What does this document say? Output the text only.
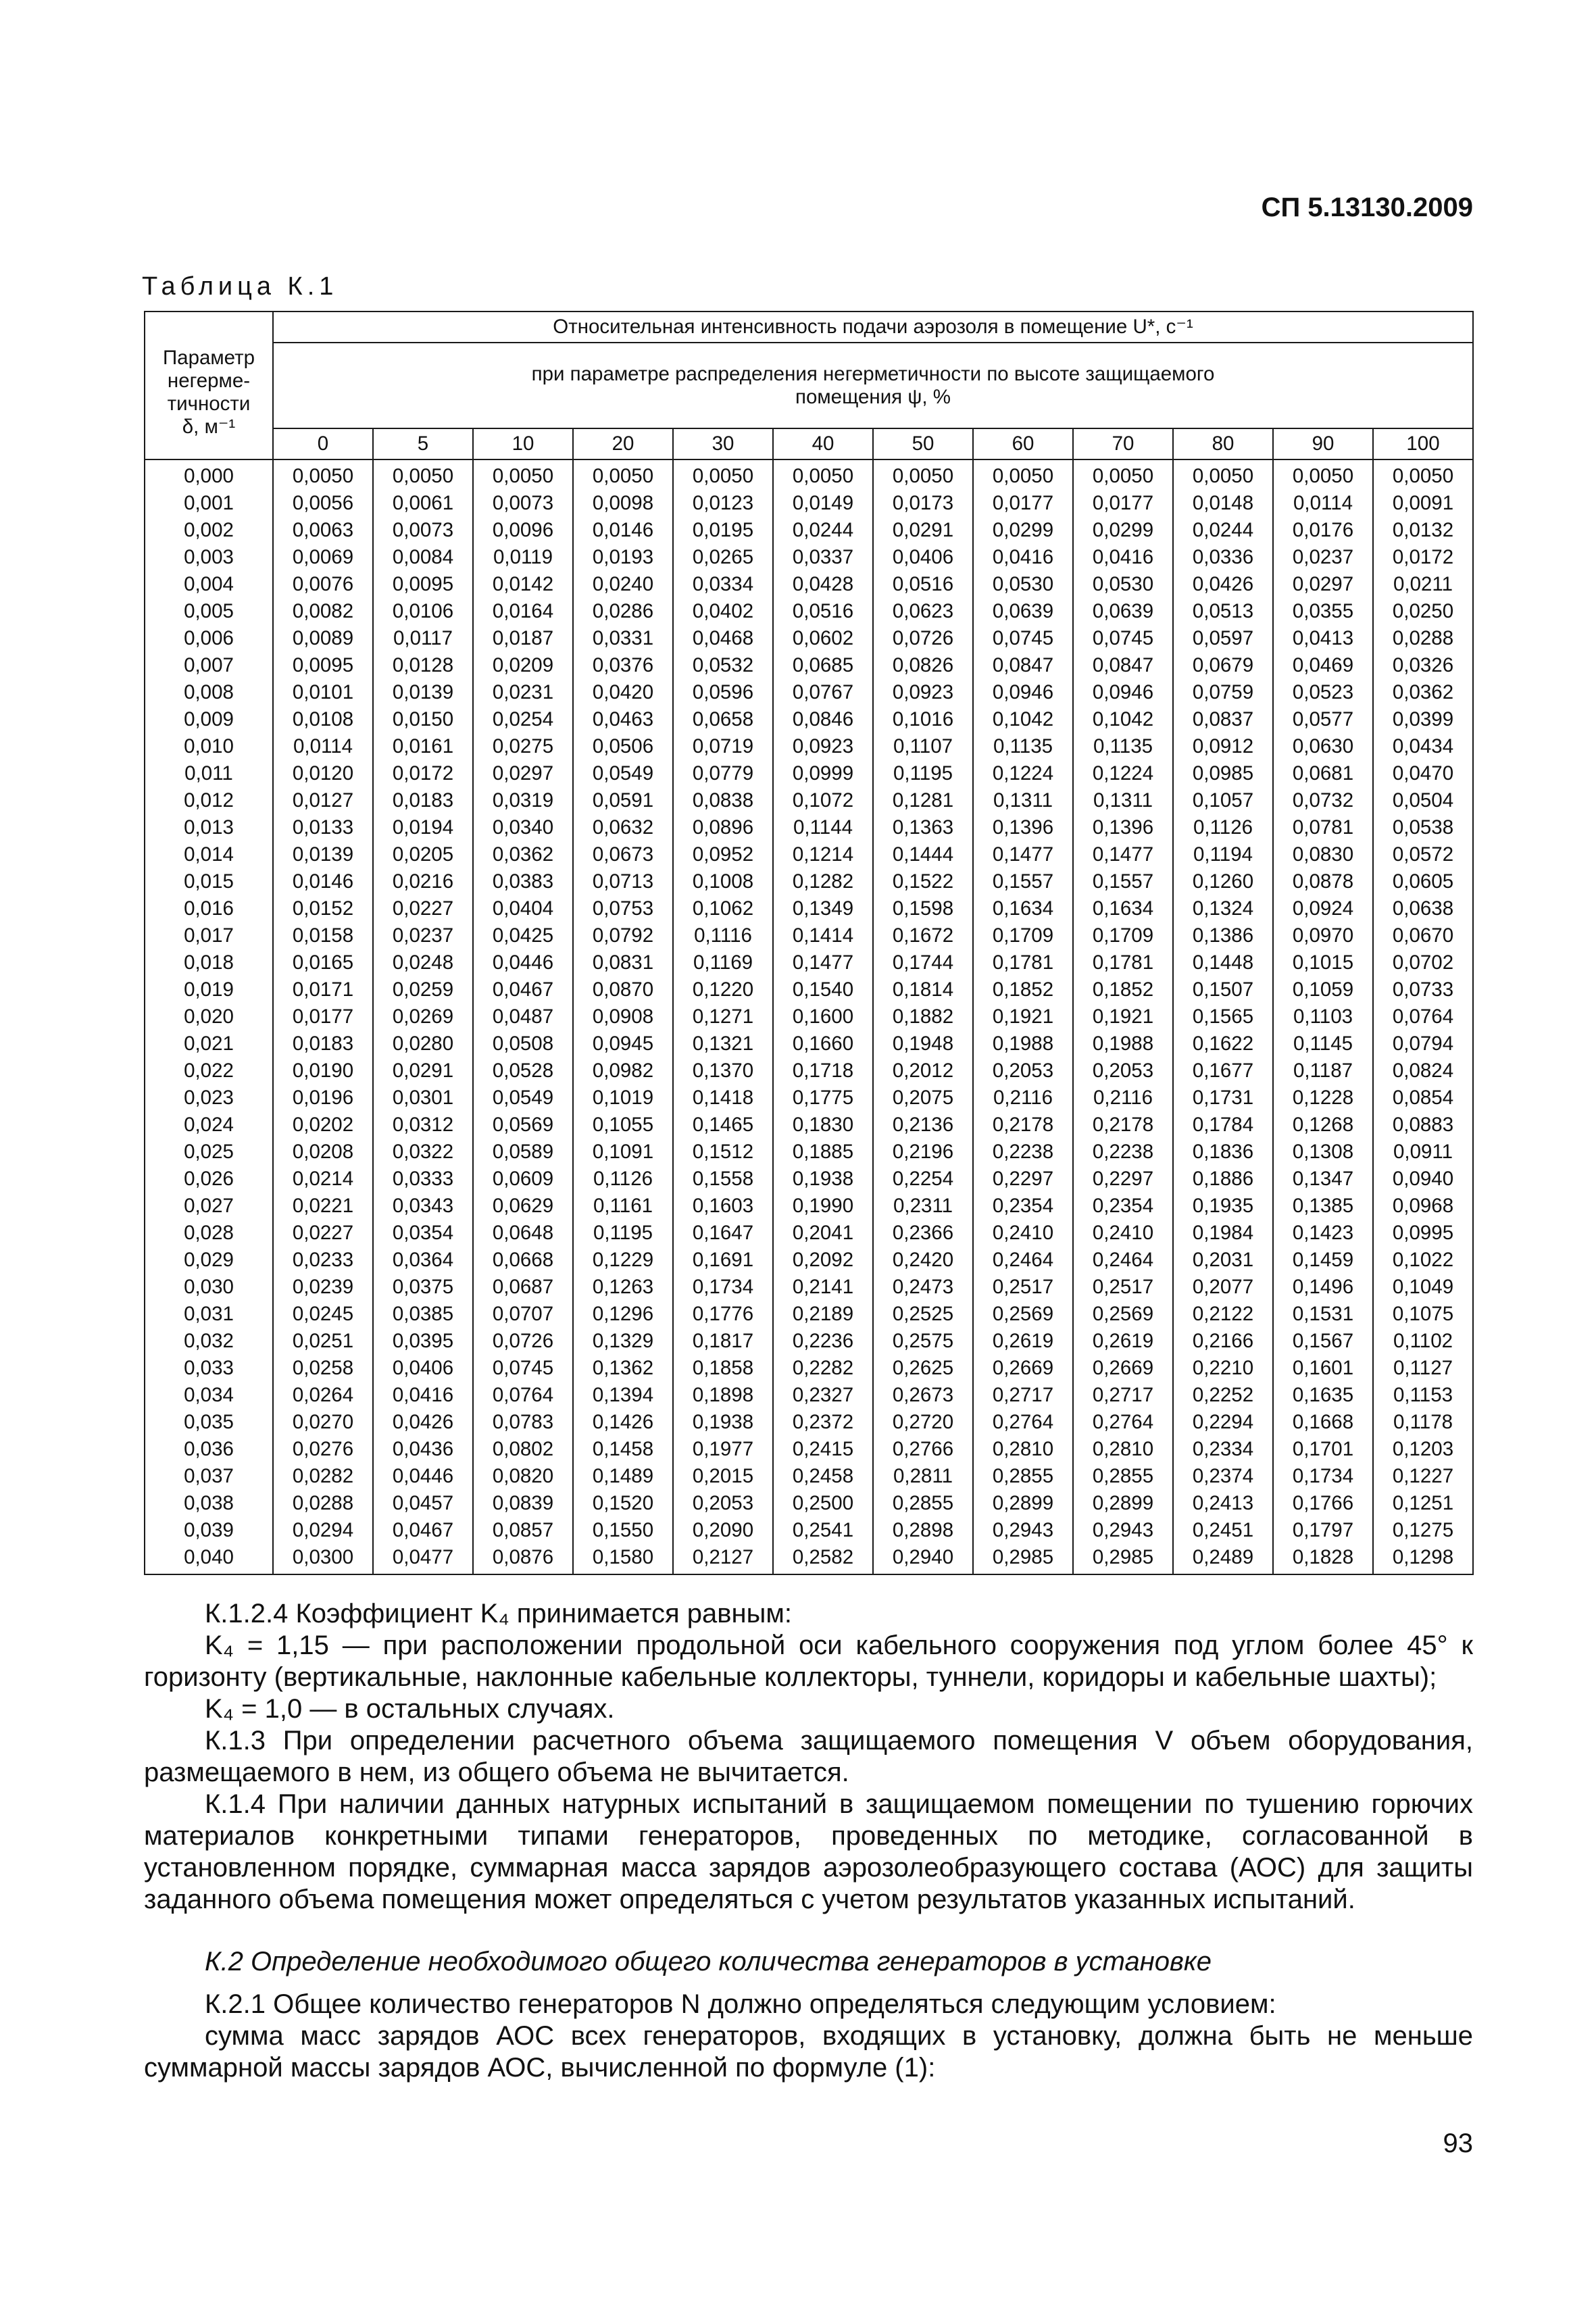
СП 5.13130.2009
Таблица К.1
	Относительная интенсивность подачи аэрозоля в помещение U*, с⁻¹											
Параметр негерме-тичности
δ, м⁻¹	при параметре распределения негерметичности по высоте защищаемого помещения ψ, %											
	0	5	10	20	30	40	50	60	70	80	90	100
0,000	0,0050	0,0050	0,0050	0,0050	0,0050	0,0050	0,0050	0,0050	0,0050	0,0050	0,0050	0,0050
0,001	0,0056	0,0061	0,0073	0,0098	0,0123	0,0149	0,0173	0,0177	0,0177	0,0148	0,0114	0,0091
0,002	0,0063	0,0073	0,0096	0,0146	0,0195	0,0244	0,0291	0,0299	0,0299	0,0244	0,0176	0,0132
0,003	0,0069	0,0084	0,0119	0,0193	0,0265	0,0337	0,0406	0,0416	0,0416	0,0336	0,0237	0,0172
0,004	0,0076	0,0095	0,0142	0,0240	0,0334	0,0428	0,0516	0,0530	0,0530	0,0426	0,0297	0,0211
0,005	0,0082	0,0106	0,0164	0,0286	0,0402	0,0516	0,0623	0,0639	0,0639	0,0513	0,0355	0,0250
0,006	0,0089	0,0117	0,0187	0,0331	0,0468	0,0602	0,0726	0,0745	0,0745	0,0597	0,0413	0,0288
0,007	0,0095	0,0128	0,0209	0,0376	0,0532	0,0685	0,0826	0,0847	0,0847	0,0679	0,0469	0,0326
0,008	0,0101	0,0139	0,0231	0,0420	0,0596	0,0767	0,0923	0,0946	0,0946	0,0759	0,0523	0,0362
0,009	0,0108	0,0150	0,0254	0,0463	0,0658	0,0846	0,1016	0,1042	0,1042	0,0837	0,0577	0,0399
0,010	0,0114	0,0161	0,0275	0,0506	0,0719	0,0923	0,1107	0,1135	0,1135	0,0912	0,0630	0,0434
0,011	0,0120	0,0172	0,0297	0,0549	0,0779	0,0999	0,1195	0,1224	0,1224	0,0985	0,0681	0,0470
0,012	0,0127	0,0183	0,0319	0,0591	0,0838	0,1072	0,1281	0,1311	0,1311	0,1057	0,0732	0,0504
0,013	0,0133	0,0194	0,0340	0,0632	0,0896	0,1144	0,1363	0,1396	0,1396	0,1126	0,0781	0,0538
0,014	0,0139	0,0205	0,0362	0,0673	0,0952	0,1214	0,1444	0,1477	0,1477	0,1194	0,0830	0,0572
0,015	0,0146	0,0216	0,0383	0,0713	0,1008	0,1282	0,1522	0,1557	0,1557	0,1260	0,0878	0,0605
0,016	0,0152	0,0227	0,0404	0,0753	0,1062	0,1349	0,1598	0,1634	0,1634	0,1324	0,0924	0,0638
0,017	0,0158	0,0237	0,0425	0,0792	0,1116	0,1414	0,1672	0,1709	0,1709	0,1386	0,0970	0,0670
0,018	0,0165	0,0248	0,0446	0,0831	0,1169	0,1477	0,1744	0,1781	0,1781	0,1448	0,1015	0,0702
0,019	0,0171	0,0259	0,0467	0,0870	0,1220	0,1540	0,1814	0,1852	0,1852	0,1507	0,1059	0,0733
0,020	0,0177	0,0269	0,0487	0,0908	0,1271	0,1600	0,1882	0,1921	0,1921	0,1565	0,1103	0,0764
0,021	0,0183	0,0280	0,0508	0,0945	0,1321	0,1660	0,1948	0,1988	0,1988	0,1622	0,1145	0,0794
0,022	0,0190	0,0291	0,0528	0,0982	0,1370	0,1718	0,2012	0,2053	0,2053	0,1677	0,1187	0,0824
0,023	0,0196	0,0301	0,0549	0,1019	0,1418	0,1775	0,2075	0,2116	0,2116	0,1731	0,1228	0,0854
0,024	0,0202	0,0312	0,0569	0,1055	0,1465	0,1830	0,2136	0,2178	0,2178	0,1784	0,1268	0,0883
0,025	0,0208	0,0322	0,0589	0,1091	0,1512	0,1885	0,2196	0,2238	0,2238	0,1836	0,1308	0,0911
0,026	0,0214	0,0333	0,0609	0,1126	0,1558	0,1938	0,2254	0,2297	0,2297	0,1886	0,1347	0,0940
0,027	0,0221	0,0343	0,0629	0,1161	0,1603	0,1990	0,2311	0,2354	0,2354	0,1935	0,1385	0,0968
0,028	0,0227	0,0354	0,0648	0,1195	0,1647	0,2041	0,2366	0,2410	0,2410	0,1984	0,1423	0,0995
0,029	0,0233	0,0364	0,0668	0,1229	0,1691	0,2092	0,2420	0,2464	0,2464	0,2031	0,1459	0,1022
0,030	0,0239	0,0375	0,0687	0,1263	0,1734	0,2141	0,2473	0,2517	0,2517	0,2077	0,1496	0,1049
0,031	0,0245	0,0385	0,0707	0,1296	0,1776	0,2189	0,2525	0,2569	0,2569	0,2122	0,1531	0,1075
0,032	0,0251	0,0395	0,0726	0,1329	0,1817	0,2236	0,2575	0,2619	0,2619	0,2166	0,1567	0,1102
0,033	0,0258	0,0406	0,0745	0,1362	0,1858	0,2282	0,2625	0,2669	0,2669	0,2210	0,1601	0,1127
0,034	0,0264	0,0416	0,0764	0,1394	0,1898	0,2327	0,2673	0,2717	0,2717	0,2252	0,1635	0,1153
0,035	0,0270	0,0426	0,0783	0,1426	0,1938	0,2372	0,2720	0,2764	0,2764	0,2294	0,1668	0,1178
0,036	0,0276	0,0436	0,0802	0,1458	0,1977	0,2415	0,2766	0,2810	0,2810	0,2334	0,1701	0,1203
0,037	0,0282	0,0446	0,0820	0,1489	0,2015	0,2458	0,2811	0,2855	0,2855	0,2374	0,1734	0,1227
0,038	0,0288	0,0457	0,0839	0,1520	0,2053	0,2500	0,2855	0,2899	0,2899	0,2413	0,1766	0,1251
0,039	0,0294	0,0467	0,0857	0,1550	0,2090	0,2541	0,2898	0,2943	0,2943	0,2451	0,1797	0,1275
0,040	0,0300	0,0477	0,0876	0,1580	0,2127	0,2582	0,2940	0,2985	0,2985	0,2489	0,1828	0,1298

К.1.2.4 Коэффициент K₄ принимается равным:

K₄ = 1,15 — при расположении продольной оси кабельного сооружения под углом более 45° к горизонту (вертикальные, наклонные кабельные коллекторы, туннели, коридоры и кабельные шахты);

K₄ = 1,0 — в остальных случаях.

К.1.3 При определении расчетного объема защищаемого помещения V объем оборудования, размещаемого в нем, из общего объема не вычитается.

К.1.4 При наличии данных натурных испытаний в защищаемом помещении по тушению горючих материалов конкретными типами генераторов, проведенных по методике, согласованной в установленном порядке, суммарная масса зарядов аэрозолеобразующего состава (АОС) для защиты заданного объема помещения может определяться с учетом результатов указанных испытаний.

К.2 Определение необходимого общего количества генераторов в установке

К.2.1 Общее количество генераторов N должно определяться следующим условием:

сумма масс зарядов АОС всех генераторов, входящих в установку, должна быть не меньше суммарной массы зарядов АОС, вычисленной по формуле (1):

93
